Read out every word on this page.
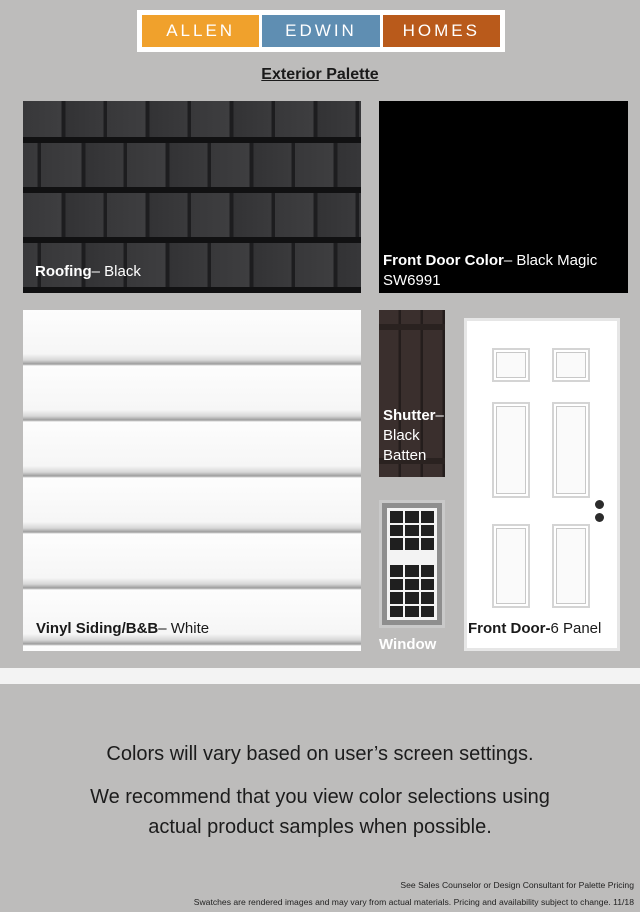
ALLEN	EDWIN	HOMES
Exterior Palette
Roofing– Black
Front Door Color– Black Magic
SW6991
Vinyl Siding/B&B– White
Shutter–
Black
Batten
Window
Front Door-6 Panel
Colors will vary based on user’s screen settings.
We recommend that you view color selections using
actual product samples when possible.
See Sales Counselor or Design Consultant for Palette Pricing
Swatches are rendered images and may vary from actual materials. Pricing and availability subject to change. 11/18
